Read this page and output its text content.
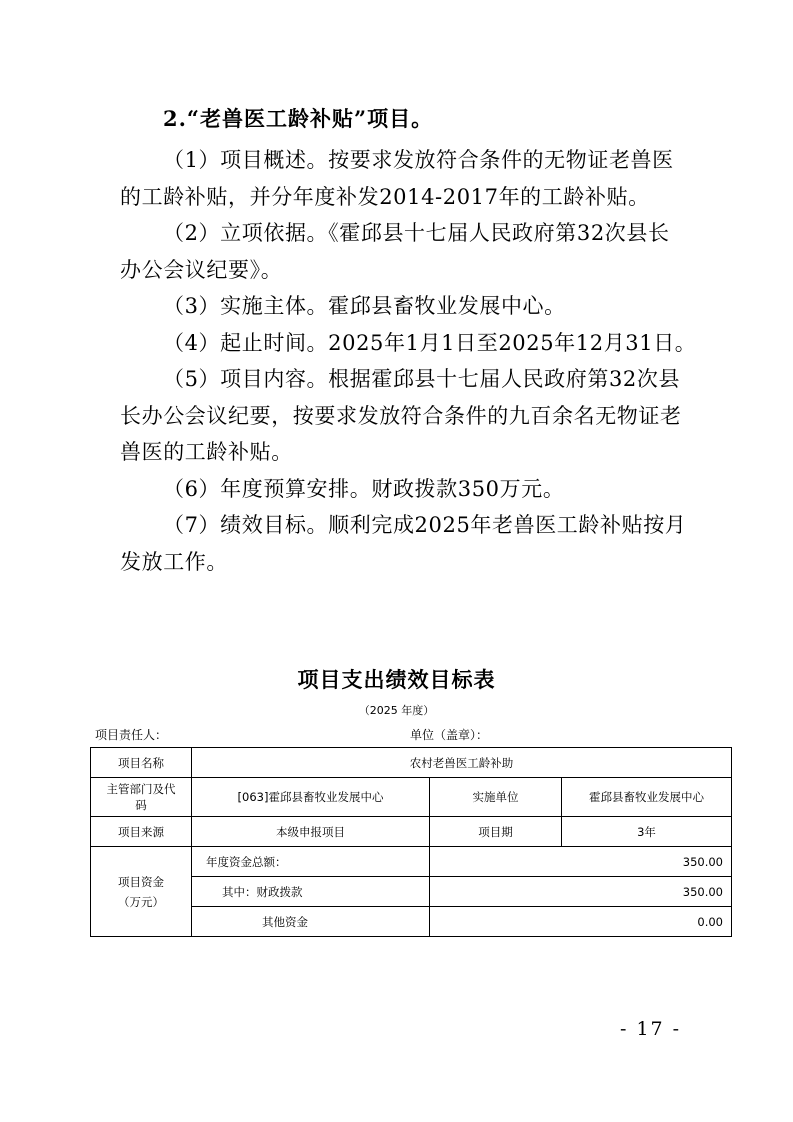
2.“老兽医工龄补贴”项目。
（1）项目概述。按要求发放符合条件的无物证老兽医
的工龄补贴，并分年度补发2014-2017年的工龄补贴。
（2）立项依据。《霍邱县十七届人民政府第32次县长
办公会议纪要》。
（3）实施主体。霍邱县畜牧业发展中心。
（4）起止时间。2025年1月1日至2025年12月31日。
（5）项目内容。根据霍邱县十七届人民政府第32次县
长办公会议纪要，按要求发放符合条件的九百余名无物证老
兽医的工龄补贴。
（6）年度预算安排。财政拨款350万元。
（7）绩效目标。顺利完成2025年老兽医工龄补贴按月
发放工作。
项目支出绩效目标表
（2025 年度）
项目责任人：	单位（盖章）：
项目名称	农村老兽医工龄补助		
主管部门及代
码	[063]霍邱县畜牧业发展中心	实施单位	霍邱县畜牧业发展中心
项目来源	本级申报项目	项目期	3年
项目资金
（万元）	年度资金总额：	350.00	
	其中：财政拨款	350.00	
	其他资金	0.00	
- 17 -
